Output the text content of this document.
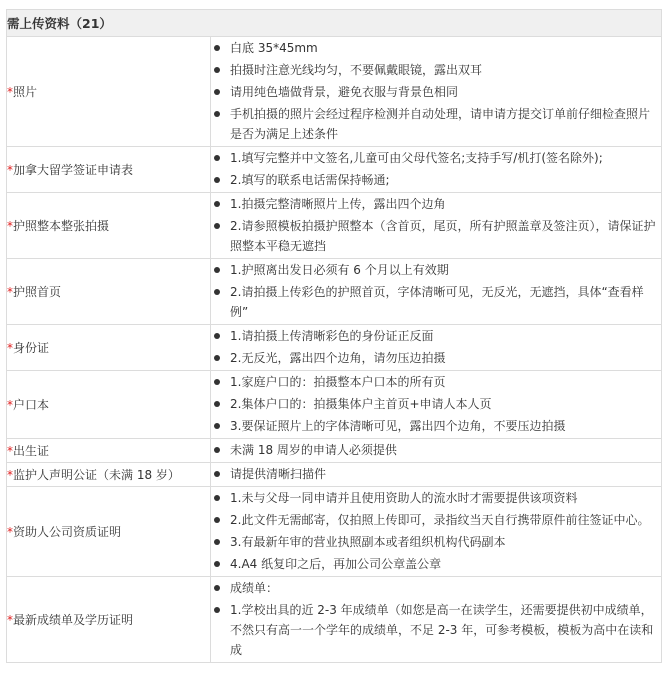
需上传资料（21）	
*照片	白底 35*45mm
拍摄时注意光线均匀，不要佩戴眼镜，露出双耳
请用纯色墙做背景，避免衣服与背景色相同
手机拍摄的照片会经过程序检测并自动处理，请申请方提交订单前仔细检查照片是否为满足上述条件

*加拿大留学签证申请表	1.填写完整并中文签名,儿童可由父母代签名;支持手写/机打(签名除外);
2.填写的联系电话需保持畅通;

*护照整本整张拍摄	1.拍摄完整清晰照片上传，露出四个边角
2.请参照模板拍摄护照整本（含首页，尾页，所有护照盖章及签注页），请保证护照整本平稳无遮挡

*护照首页	1.护照离出发日必须有 6 个月以上有效期
2.请拍摄上传彩色的护照首页，字体清晰可见，无反光，无遮挡，具体“查看样例”

*身份证	1.请拍摄上传清晰彩色的身份证正反面
2.无反光，露出四个边角，请勿压边拍摄

*户口本	1.家庭户口的：拍摄整本户口本的所有页
2.集体户口的：拍摄集体户主首页+申请人本人页
3.要保证照片上的字体清晰可见，露出四个边角，不要压边拍摄

*出生证	未满 18 周岁的申请人必须提供

*监护人声明公证（未满 18 岁）	请提供清晰扫描件

*资助人公司资质证明	1.未与父母一同申请并且使用资助人的流水时才需要提供该项资料
2.此文件无需邮寄，仅拍照上传即可，录指纹当天自行携带原件前往签证中心。
3.有最新年审的营业执照副本或者组织机构代码副本
4.A4 纸复印之后，再加公司公章盖公章

*最新成绩单及学历证明	成绩单：
1.学校出具的近 2-3 年成绩单（如您是高一在读学生，还需要提供初中成绩单，不然只有高一一个学年的成绩单，不足 2-3 年，可参考模板，模板为高中在读和成
